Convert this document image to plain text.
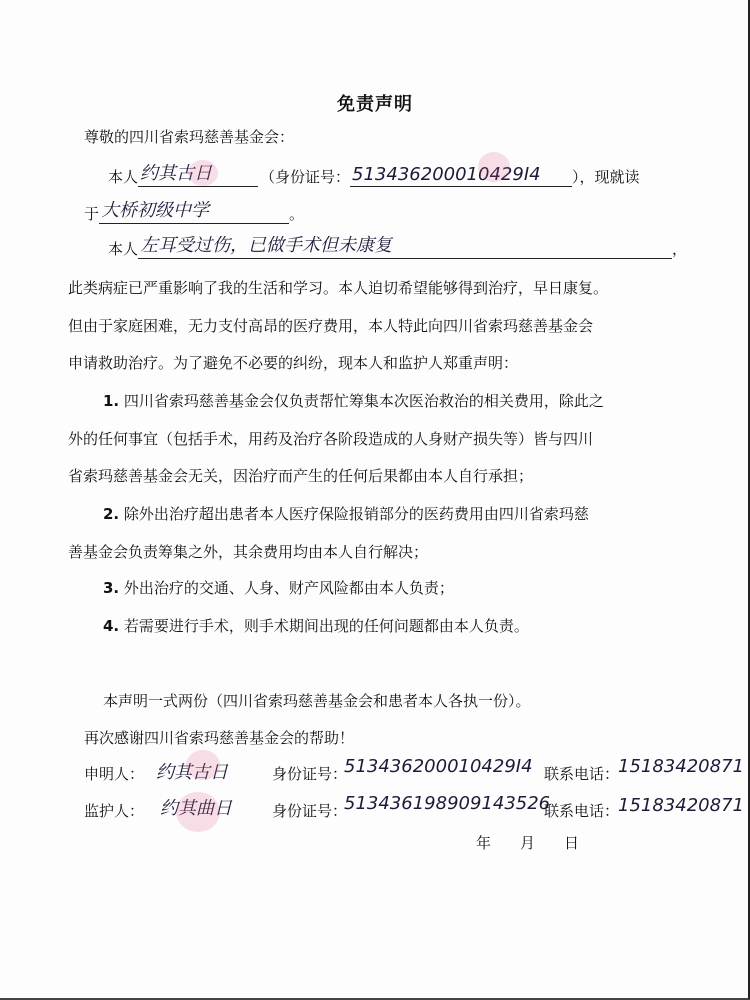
免责声明
尊敬的四川省索玛慈善基金会：
本人 约其古日	（身份证号： 513436200010429I4 ），现就读
于 大桥初级中学	。
本人 左耳受过伤，已做手术但未康复	，
此类病症已严重影响了我的生活和学习。本人迫切希望能够得到治疗，早日康复。
但由于家庭困难，无力支付高昂的医疗费用，本人特此向四川省索玛慈善基金会
申请救助治疗。为了避免不必要的纠纷，现本人和监护人郑重声明：
1. 四川省索玛慈善基金会仅负责帮忙筹集本次医治救治的相关费用，除此之
外的任何事宜（包括手术，用药及治疗各阶段造成的人身财产损失等）皆与四川
省索玛慈善基金会无关，因治疗而产生的任何后果都由本人自行承担；
2. 除外出治疗超出患者本人医疗保险报销部分的医药费用由四川省索玛慈
善基金会负责筹集之外，其余费用均由本人自行解决；
3. 外出治疗的交通、人身、财产风险都由本人负责；
4. 若需要进行手术，则手术期间出现的任何问题都由本人负责。
本声明一式两份（四川省索玛慈善基金会和患者本人各执一份）。
再次感谢四川省索玛慈善基金会的帮助！
申明人： 约其古日	身份证号：
513436200010429I4 联系电话：
15183420871
监护人： 约其曲日	身份证号：
513436198909143526
联系电话：
15183420871
年 月 日
